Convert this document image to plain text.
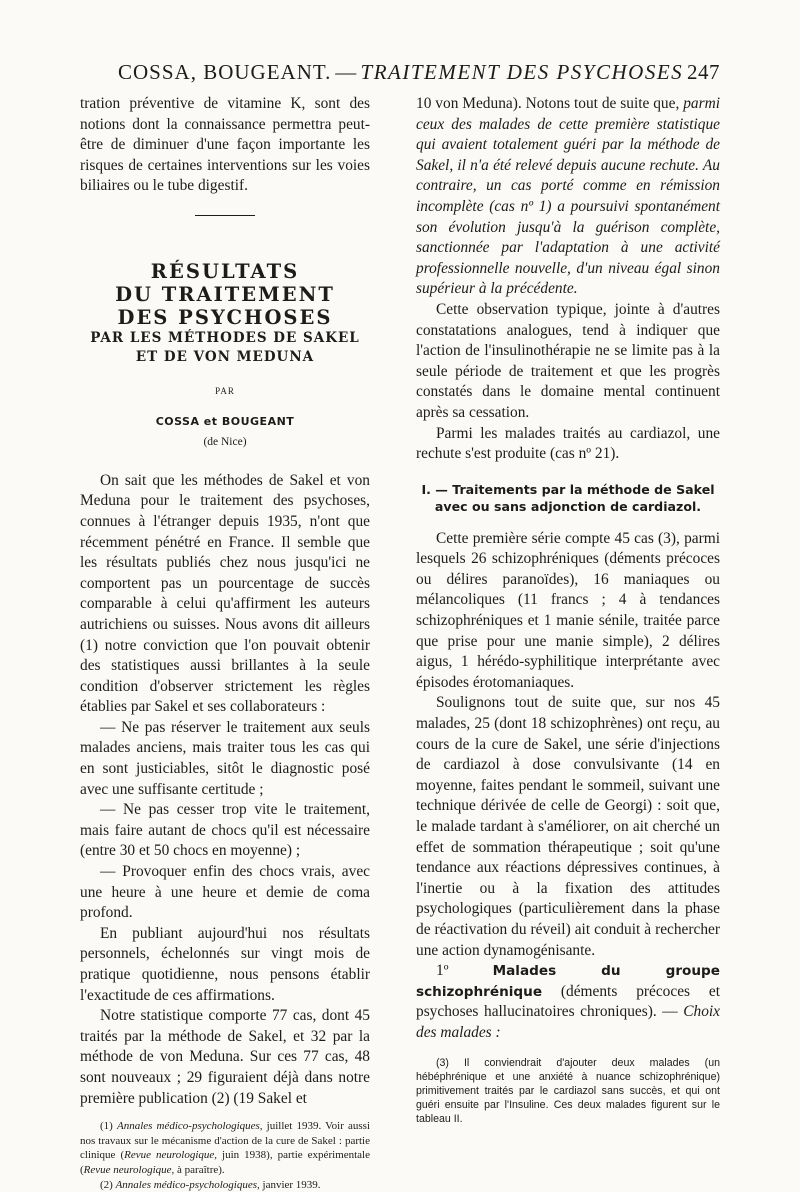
COSSA, BOUGEANT. — TRAITEMENT DES PSYCHOSES 247

tration préventive de vitamine K, sont des notions dont la connaissance permettra peut-être de diminuer d'une façon importante les risques de certaines interventions sur les voies biliaires ou le tube digestif.

RÉSULTATS
DU TRAITEMENT
DES PSYCHOSES
PAR LES MÉTHODES DE SAKEL
ET DE VON MEDUNA
PAR
COSSA et BOUGEANT
(de Nice)

On sait que les méthodes de Sakel et von Meduna pour le traitement des psychoses, connues à l'étranger depuis 1935, n'ont que récemment pénétré en France. Il semble que les résultats publiés chez nous jusqu'ici ne comportent pas un pourcentage de succès comparable à celui qu'affirment les auteurs autrichiens ou suisses. Nous avons dit ailleurs (1) notre conviction que l'on pouvait obtenir des statistiques aussi brillantes à la seule condition d'observer strictement les règles établies par Sakel et ses collaborateurs :

— Ne pas réserver le traitement aux seuls malades anciens, mais traiter tous les cas qui en sont justiciables, sitôt le diagnostic posé avec une suffisante certitude ;

— Ne pas cesser trop vite le traitement, mais faire autant de chocs qu'il est nécessaire (entre 30 et 50 chocs en moyenne) ;

— Provoquer enfin des chocs vrais, avec une heure à une heure et demie de coma profond.

En publiant aujourd'hui nos résultats personnels, échelonnés sur vingt mois de pratique quotidienne, nous pensons établir l'exactitude de ces affirmations.

Notre statistique comporte 77 cas, dont 45 traités par la méthode de Sakel, et 32 par la méthode de von Meduna. Sur ces 77 cas, 48 sont nouveaux ; 29 figuraient déjà dans notre première publication (2) (19 Sakel et

(1) Annales médico-psychologiques, juillet 1939. Voir aussi nos travaux sur le mécanisme d'action de la cure de Sakel : partie clinique (Revue neurologique, juin 1938), partie expérimentale (Revue neurologique, à paraître).

(2) Annales médico-psychologiques, janvier 1939.

10 von Meduna). Notons tout de suite que, parmi ceux des malades de cette première statistique qui avaient totalement guéri par la méthode de Sakel, il n'a été relevé depuis aucune rechute. Au contraire, un cas porté comme en rémission incomplète (cas nº 1) a poursuivi spontanément son évolution jusqu'à la guérison complète, sanctionnée par l'adaptation à une activité professionnelle nouvelle, d'un niveau égal sinon supérieur à la précédente.

Cette observation typique, jointe à d'autres constatations analogues, tend à indiquer que l'action de l'insulinothérapie ne se limite pas à la seule période de traitement et que les progrès constatés dans le domaine mental continuent après sa cessation.

Parmi les malades traités au cardiazol, une rechute s'est produite (cas nº 21).

I. — Traitements par la méthode de Sakel avec ou sans adjonction de cardiazol.

Cette première série compte 45 cas (3), parmi lesquels 26 schizophréniques (déments précoces ou délires paranoïdes), 16 maniaques ou mélancoliques (11 francs ; 4 à tendances schizophréniques et 1 manie sénile, traitée parce que prise pour une manie simple), 2 délires aigus, 1 hérédo-syphilitique interprétante avec épisodes érotomaniaques.

Soulignons tout de suite que, sur nos 45 malades, 25 (dont 18 schizophrènes) ont reçu, au cours de la cure de Sakel, une série d'injections de cardiazol à dose convulsivante (14 en moyenne, faites pendant le sommeil, suivant une technique dérivée de celle de Georgi) : soit que, le malade tardant à s'améliorer, on ait cherché un effet de sommation thérapeutique ; soit qu'une tendance aux réactions dépressives continues, à l'inertie ou à la fixation des attitudes psychologiques (particulièrement dans la phase de réactivation du réveil) ait conduit à rechercher une action dynamogénisante.

1º Malades du groupe schizophrénique (déments précoces et psychoses hallucinatoires chroniques). — Choix des malades :

(3) Il conviendrait d'ajouter deux malades (un hébéphrénique et une anxiété à nuance schizophrénique) primitivement traités par le cardiazol sans succès, et qui ont guéri ensuite par l'Insuline. Ces deux malades figurent sur le tableau II.
